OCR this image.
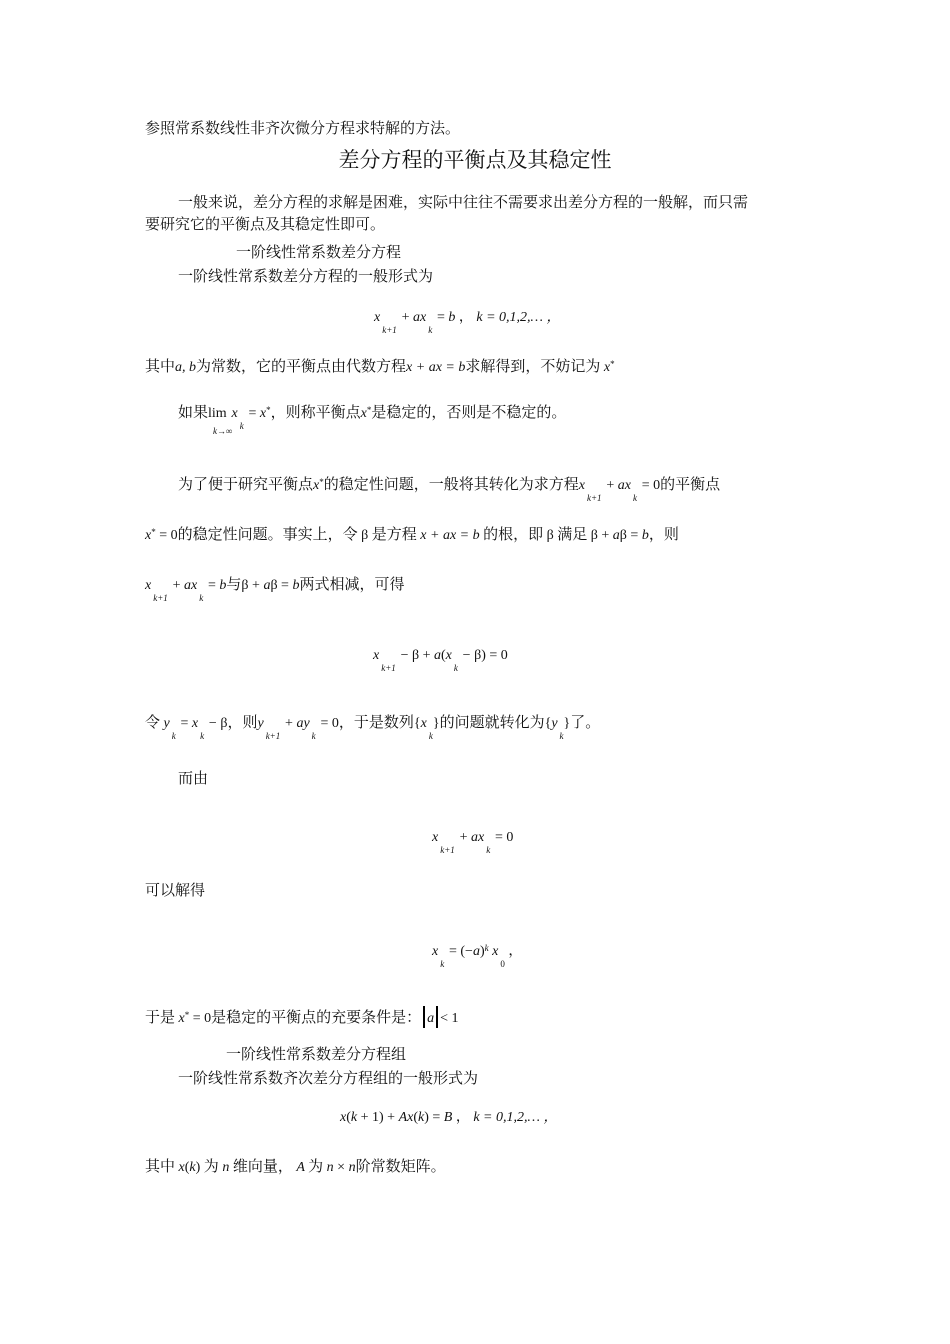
参照常系数线性非齐次微分方程求特解的方法。
差分方程的平衡点及其稳定性
一般来说，差分方程的求解是困难，实际中往往不需要求出差分方程的一般解，而只需
要研究它的平衡点及其稳定性即可。
一阶线性常系数差分方程
一阶线性常系数差分方程的一般形式为
$x_{k+1} + ax_k = b$ ， k = 0,1,2,… ，
其中a, b为常数，它的平衡点由代数方程x + ax = b求解得到，不妨记为 x*
如果$\lim x_k = x^*$，则称平衡点x*是稳定的，否则是不稳定的。
k→∞
为了便于研究平衡点x*的稳定性问题，一般将其转化为求方程$x_{k+1} + ax_k = 0$的平衡点
x* = 0的稳定性问题。事实上，令 β 是方程 x + ax = b 的根，即 β 满足 β + aβ = b，则
$x_{k+1} + ax_k = b$与β + aβ = b两式相减，可得
$x_{k+1} - \beta + a(x_k - \beta) = 0$
令 $y_k = x_k - \beta$，则$y_{k+1} + ay_k = 0$，于是数列$\{x_k\}$的问题就转化为$\{y_k\}$了。
而由
$x_{k+1} + ax_k = 0$
可以解得
$x_k = (-a)^k$ $x_0$ ，
于是 x* = 0是稳定的平衡点的充要条件是： a < 1
一阶线性常系数差分方程组
一阶线性常系数齐次差分方程组的一般形式为
x(k + 1) + Ax(k) = B ， k = 0,1,2,… ，
其中 x(k) 为 n 维向量， A 为 n × n阶常数矩阵。
